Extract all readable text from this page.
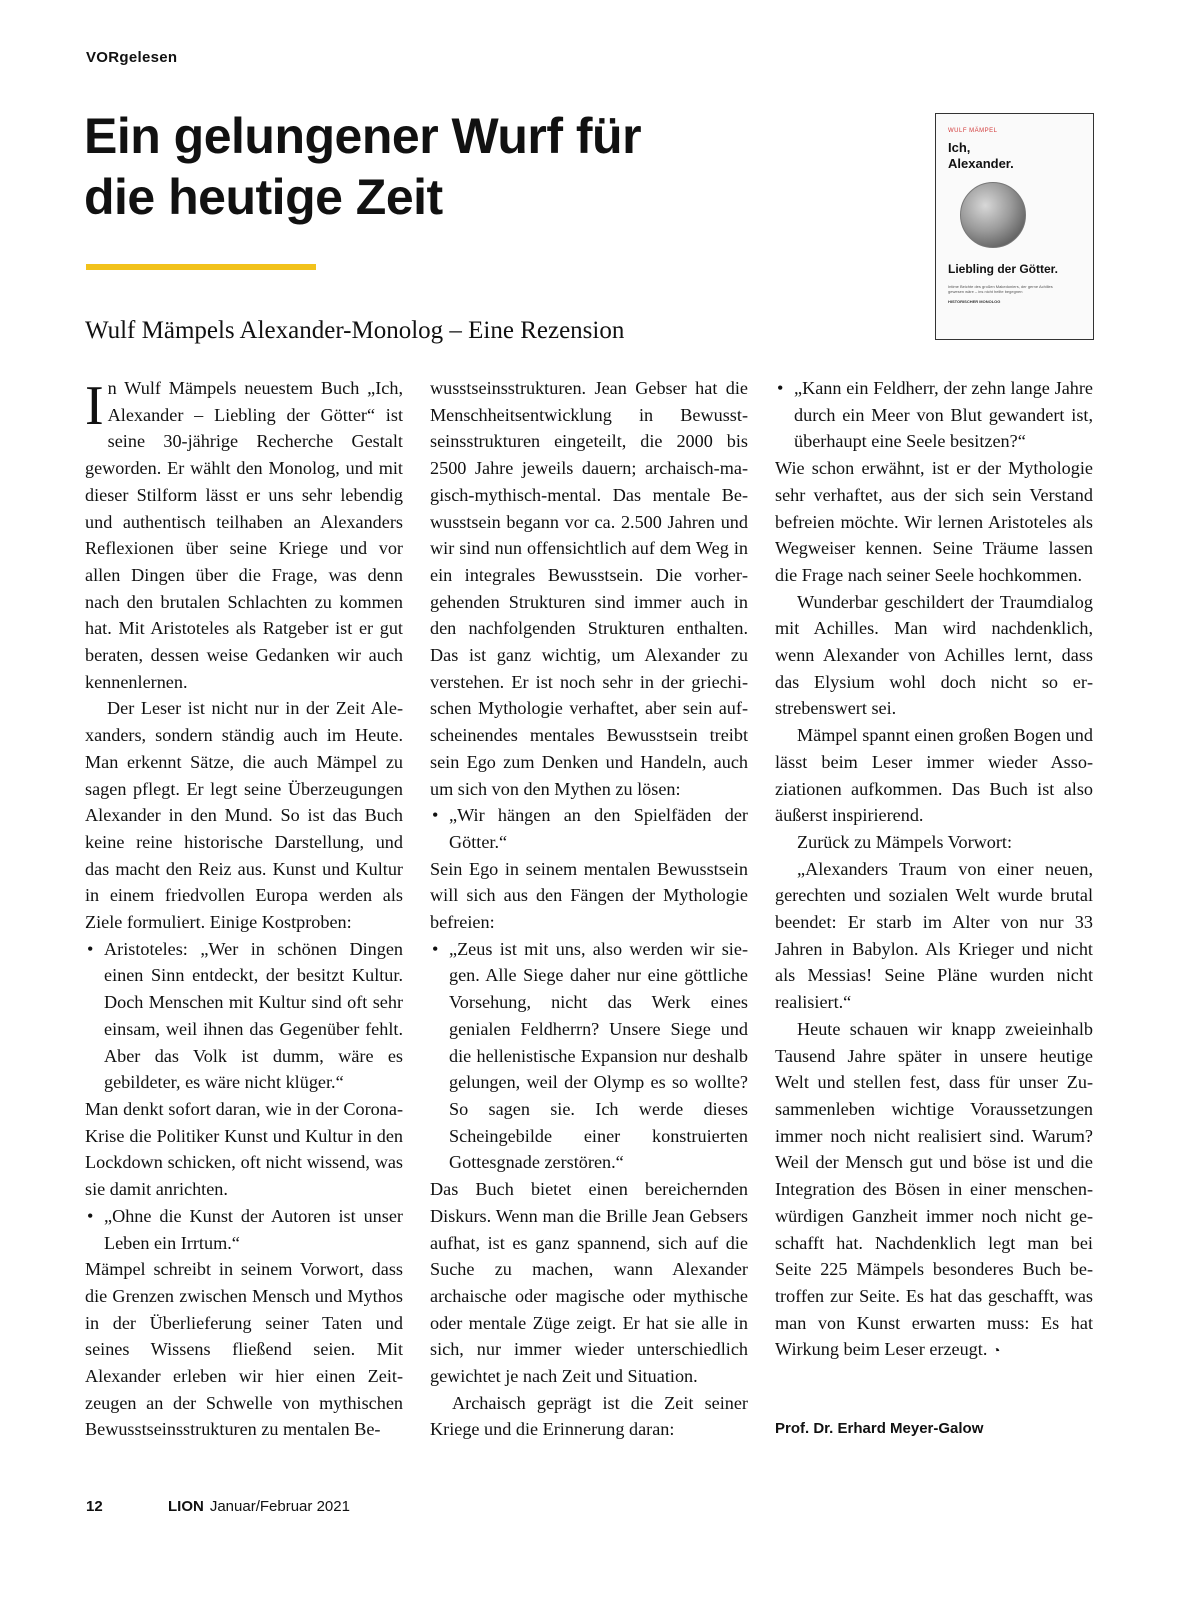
VORgelesen
Ein gelungener Wurf für
die heutige Zeit
Wulf Mämpels Alexander-Monolog – Eine Rezension
WULF MÄMPEL
Ich,
Alexander.
Liebling der Götter.
Intime Beichte des großen Makedoniers, der gerne Achilles gewesen wäre – ins nicht heilte begegnen
HISTORISCHER MONOLOG

In Wulf Mämpels neuestem Buch „Ich, Alexander – Liebling der Götter“ ist seine 30-jährige Recherche Gestalt geworden. Er wählt den Monolog, und mit dieser Stilform lässt er uns sehr lebendig und authentisch teilhaben an Alexanders Reflexionen über seine Kriege und vor allen Dingen über die Frage, was denn nach den brutalen Schlachten zu kommen hat. Mit Aristoteles als Ratgeber ist er gut beraten, dessen weise Gedanken wir auch kennenlernen.

Der Leser ist nicht nur in der Zeit Alexanders, sondern ständig auch im Heute. Man erkennt Sätze, die auch Mämpel zu sagen pflegt. Er legt seine Überzeugungen Alexander in den Mund. So ist das Buch keine reine historische Darstellung, und das macht den Reiz aus. Kunst und Kultur in einem friedvollen Europa werden als Ziele formuliert. Einige Kostproben:

• Aristoteles: „Wer in schönen Dingen einen Sinn entdeckt, der besitzt Kultur. Doch Menschen mit Kultur sind oft sehr einsam, weil ihnen das Gegenüber fehlt. Aber das Volk ist dumm, wäre es gebildeter, es wäre nicht klüger.“

Man denkt sofort daran, wie in der Corona-Krise die Politiker Kunst und Kultur in den Lockdown schicken, oft nicht wissend, was sie damit anrichten.

• „Ohne die Kunst der Autoren ist unser Leben ein Irrtum.“

Mämpel schreibt in seinem Vorwort, dass die Grenzen zwischen Mensch und Mythos in der Überlieferung seiner Taten und seines Wissens fließend seien. Mit Alexander erleben wir hier einen Zeitzeugen an der Schwelle von mythischen Bewusstseinsstrukturen zu mentalen Be-

wusstseinsstrukturen. Jean Gebser hat die Menschheitsentwicklung in Bewusstseinsstrukturen eingeteilt, die 2000 bis 2500 Jahre jeweils dauern; archaisch-magisch-mythisch-mental. Das mentale Bewusstsein begann vor ca. 2.500 Jahren und wir sind nun offensichtlich auf dem Weg in ein integrales Bewusstsein. Die vorhergehenden Strukturen sind immer auch in den nachfolgenden Strukturen enthalten. Das ist ganz wichtig, um Alexander zu verstehen. Er ist noch sehr in der griechischen Mythologie verhaftet, aber sein aufscheinendes mentales Bewusstsein treibt sein Ego zum Denken und Handeln, auch um sich von den Mythen zu lösen:

• „Wir hängen an den Spielfäden der Götter.“

Sein Ego in seinem mentalen Bewusstsein will sich aus den Fängen der Mythologie befreien:

• „Zeus ist mit uns, also werden wir siegen. Alle Siege daher nur eine göttliche Vorsehung, nicht das Werk eines genialen Feldherrn? Unsere Siege und die hellenistische Expansion nur deshalb gelungen, weil der Olymp es so wollte? So sagen sie. Ich werde dieses Scheingebilde einer konstruierten Gottesgnade zerstören.“

Das Buch bietet einen bereichernden Diskurs. Wenn man die Brille Jean Gebsers aufhat, ist es ganz spannend, sich auf die Suche zu machen, wann Alexander archaische oder magische oder mythische oder mentale Züge zeigt. Er hat sie alle in sich, nur immer wieder unterschiedlich gewichtet je nach Zeit und Situation.

Archaisch geprägt ist die Zeit seiner Kriege und die Erinnerung daran:

• „Kann ein Feldherr, der zehn lange Jahre durch ein Meer von Blut gewandert ist, überhaupt eine Seele besitzen?“

Wie schon erwähnt, ist er der Mythologie sehr verhaftet, aus der sich sein Verstand befreien möchte. Wir lernen Aristoteles als Wegweiser kennen. Seine Träume lassen die Frage nach seiner Seele hochkommen.

Wunderbar geschildert der Traumdialog mit Achilles. Man wird nachdenklich, wenn Alexander von Achilles lernt, dass das Elysium wohl doch nicht so erstrebenswert sei.

Mämpel spannt einen großen Bogen und lässt beim Leser immer wieder Assoziationen aufkommen. Das Buch ist also äußerst inspirierend.

Zurück zu Mämpels Vorwort:

„Alexanders Traum von einer neuen, gerechten und sozialen Welt wurde brutal beendet: Er starb im Alter von nur 33 Jahren in Babylon. Als Krieger und nicht als Messias! Seine Pläne wurden nicht realisiert.“

Heute schauen wir knapp zweieinhalb Tausend Jahre später in unsere heutige Welt und stellen fest, dass für unser Zusammenleben wichtige Voraussetzungen immer noch nicht realisiert sind. Warum? Weil der Mensch gut und böse ist und die Integration des Bösen in einer menschenwürdigen Ganzheit immer noch nicht geschafft hat. Nachdenklich legt man bei Seite 225 Mämpels besonderes Buch betroffen zur Seite. Es hat das geschafft, was man von Kunst erwarten muss: Es hat Wirkung beim Leser erzeugt. ◔

Prof. Dr. Erhard Meyer-Galow
12	LION Januar/Februar 2021
